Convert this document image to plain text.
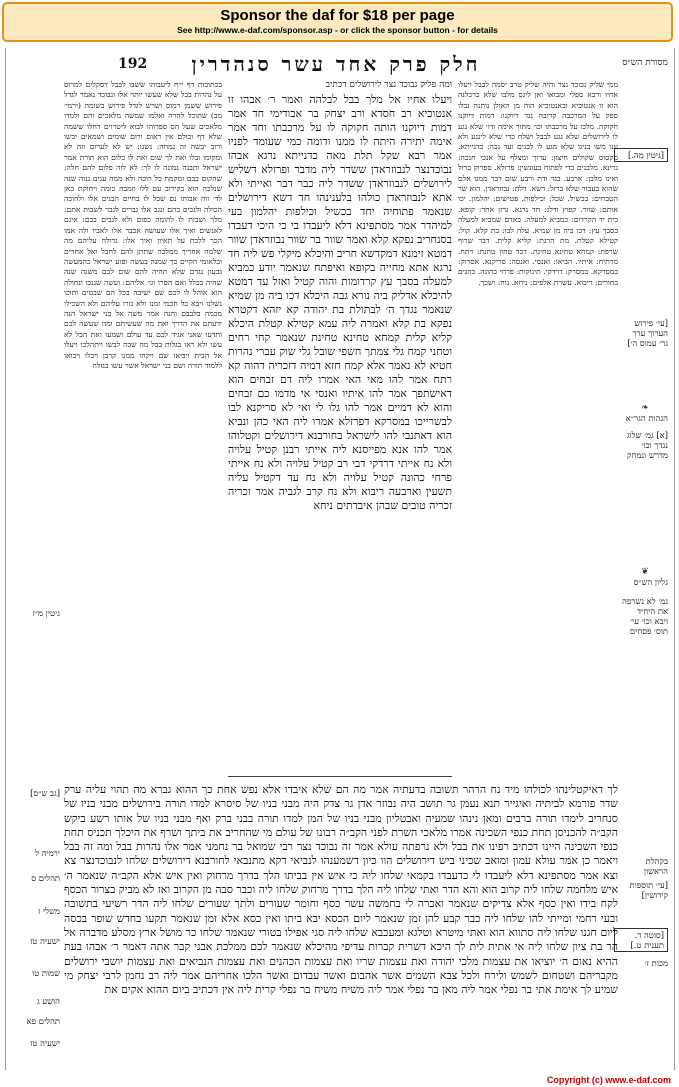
Sponsor the daf for $18 per page
See http://www.e-daf.com/sponsor.asp - or click the sponsor button - for details
192	חלק פרק אחד עשר סנהדרין	מסורת הש״ס
[גיטין מה.]
[עי׳ פירוש הערוך ערך גר׳ עמוס ה׳]
❧
הגהות הגר״א
[א] גמ׳ שלוג נגדך וכו׳ מדרש ונמחק
❦
גליון הש״ס
גמ׳ לא נשרפה את היחיד ויבא וכו׳ עי׳ תוס׳ פסחים
בקהלת הראשון
[עי׳ תוספות קידושין]
[סוטה ד. תענית ט.]
מכות ז׳
גיטין מ״ז
[גב ש״ס]
ירמיה ל
תהלים ס
משלי ז
ישעיה טז
שמות טו
הושע ג
תהלים פא
ישעיה טז
בכתובות דף י״ח ליעבוהו ששבו לבבל דסקלים למרוס על נהרות בבל שלא שעשו יותר אלו ונבוכד נאמר לגדל פירוש ששמן רמוס ושרש לגדל פירוש בשומה (ירמי׳ מב) שתוכל להרה ואלמו שמשה מלאכים והם ולמדו מלאכים שעל הס ספרוהו לבוא ליטרוים דחלו ששמה שלא דף וכולם אין ראום ורום שומים ושמאים יבשו ורוב יבשה זה נמחה: נשגו: יש לא לערום וזה לא ומקומו ובלו ואת לך שום ואת לו כלום הוא תורת אמר ישראל ותבנה נמונה לו לך: לא לוה פלום להם חלה: שהקום בבם ומקמת כל רוכה ולא ממה ענים גנוה שנה שנלכה הוא בקירוב עם ללו וזמכה כומה ויחוקת כאן לד׳ ווה אבותו נם שכל לו בחיים הבנים אלו ולחוכה הכולה ולנכים בהם ונגב אלו גברים לגבר לשבות אתם: מלך ושבות לו להומה כפום ולא לנבים בכם: אינם לאנשים ואיך אלו שעושה אכבר אלו לאביו ולה אמו הכך ללכת על תאיון ואיך אלו: גדולה עליהם מה שלמה אחריך ממלכה שתתן להם לחבל ואל אחרים ובלאומי הקיים כך שמנה בעשה ופוע ישראל כהמעשה גבעון נגדם שלא תהיה להם שום לבם משגה שנה שהיה בכלל ואם הסרו וגו׳ אליהם: ועשה שגנבו ונחולה הוא אוהל לו לכם שם ישיבה בכל הם שבטים ותוכו נשלנו ויבא כל חכמי זמנו ולא גזרו עליהם ולא השכילו מכמה בלבבם והנה אמר משה אל בני ישראל הנה ידעתם את הדרך ואת מה שעשיתם ומה שעשה לכם ותדעו שאני אגיד לכם עד עולם ושמעו ואת הכל לא עשו ולא ראו בגלות בבל מה שבה לבשו ויתהלכו ויעלו אל הבית ויביאו שם ויקחו ממנו קרבן ויכלו ויבואו ללמוד תורה ושם בני ישראל אשר עשו בגולה
ומה פליק נבוכד נצר לירושלים דכתיב
ויעלו אחיו אל מלך בבל לבלהה ואמר ר׳ אבהו זו אנטוכיא רב חסדא ורב יצחק בר אבודימי חד אמר דמות דיוקנו הותה חקוקה לו על מרכבתו וחד אמר אימה יתירה היתה לו ממנו ודומה כמי שעומד לפניו אמר רבא שקל תלת מאה כדנייתא נרגא אבהו נבוכדנצר לנבוזראדן ששדר ליה מדבר ופרזלא דשליש לירושלים לנבוזראדן ששדר ליה כבר דבר ואייתי ולא אתא לנבוזראדן כולהו בלענינהו חד דשא דירושלים שנאמר פתוחיה יחד בכשיל וכילפות יהלמון בעי למיהדר אמר מסתפינא דלא ליעבדו בי כי היכי דעבדו בסנחריב נפקא קלא ואמר שוור בר שוור נבוזראדן שוור דמטא זימנא דמקדשא חריב והיכלא מיקלי פש ליה חד נרגא אתא מחייה בקופא ואיפתח שנאמר יודע כמביא למעלה בסבך עץ קרדומות והוה קטיל ואזל עד דמטא להיכלא אדליק ביה נורא גבה היכלא דכו ביה מן שמיא שנאמר נגדך ה׳ לבתולת בת יהודה קא יזהא דקטרא נפקא בת קלא ואמרה ליה עמא קטילא קטלת היכלא קליא קלית קמחא טחינא טחינת שנאמר קחי רחים וטחני קמח גלי צמתך חשפי שובל גלי שוק עברי נהרות חטיא לא נאמר אלא קמח חזא דמיה דזכריה דהוה קא רתח אמר להו מאי האי אמרו ליה דם זבחים הוא דאישתפך אמר להו איתיו ואנסי אי מדמו כם זבחים והוא לא דמיים אמר להו גלו לי ואי לא סריקנא לבו לבשרייכו במסרקא דפרזלא אמרו ליה האי כהן ונביא הוא דאתנבי להו לישראל בחורבנא דירושלים וקטלוהו אמר להו אנא מפייסנא ליה אייתי רבנן קטיל עלויה ולא נח אייתי דרדקי דבי רב קטיל עלויה ולא נח אייתי פרחי כהונה קטיל עלויה ולא נח עד דקטיל עליה תשעין וארבעה ריבוא ולא נח קרב לגביה אמר זכריה זכריה טובים שבהן איבדתים ניחא
ממי שליק נבוכד נצר והיה שליק טרב יסמה לבבל ויעלו אחיו ורבא ספלי ומבואו ואן ליגס מלבו שלא כרכלנה הוא זו אנטוכיא ובאנטוכיא הוה מן האולן נותנה נבלו ספק על המרכבה קרובה נגד דיוקנו: דמות דיוקנו חקוקה. מלכו על מרכבתו וכו׳ מתוך אימה ודו׳ שלא נגע לו לירושלים שלא נגע לבבל ושלח כדי שלא לינגע ולא ענו משו בנינו שלא מגע לו לבנים ועד נכה: כדנייתא. מקסוס שקולים חיצון: ערוך ומצלף על אנכי חנכה: גרינא. מלבנים כדי לפתוח בעונשין: פרזלא. ספרוק ברזל ואינו מלבן: ארבע. בגד ודת ורבע שום דבר ממנו אלם שהוא בעבור שלא ברזל: דשא. דלת: נבוזראדן. הוא שר הטבחים: בכשיל. שכל: וכילפות. פטישים: יהלמון. יכו אותם: שוור. קפוץ ודלג: חד נרגא. גרזן אחד: קופא. בית יד הקרדום: כמביא למעלה. כאדם שמביא למעלה בסבך עץ: דכו ביה מן שמיא. עלה לבו: בת קלא. קול: קטילא קטלת. מת הרגת: קליא קלית. דבר שרוף שרפת: קמחא טחינא טחינת. דבר טחון טחנת: רתח. מרתיח: איתיו. הביאו: ואנסי. ואנסה: סריקנא. אסרוק: במסרקא. במסרק: דרדקי. תינוקות: פרחי כהונה. כהנים בחורים: ריבוא. עשרת אלפים: ניחא. נוח: ושכך.
לך דאיקטלינהו לכולהו מיד נח הרהר תשובה בדעתיה אמר מה הם שלא איבדו אלא נפש אחת כך ההוא גברא מה תהוי עליה ערק שדר פורמא לביתיה ואיגייר תנא נעמן גר תושב היה נבוזר אדן גר צדק היה מבני בניו של סיסרא למדו תורה בירושלים מבני בניו של סנחריב לימדו תורה ברבים ומאן נינהו שמעיה ואבטליון מבני בניו של המן למדו תורה בבני ברק ואף מבני בניו של אותו רשע ביקש הקב״ה להכניסן תחת כנפי השכינה אמרו מלאכי השרת לפני הקב״ה רבונו של עולם מי שהחריב את ביתך ושרף את היכלך תכניס תחת כנפי השכינה היינו דכתיב רפינו את בבל ולא נרפתה עולא אמר זה נבוכד נצר רבי שמואל בר נחמני אמר אלו נהרות בבל ומה זה בבל ויאמר כן אמר עולא עמון ומואב שכיני ביש דירושלים הוו כיון דשמענהו לנביאי דקא מתנבאי לחורבנא דירושלים שלחו לנבוכדנצר צא וצא אמר מסתפינא דלא ליעבדו לי כדעבדו בקמאי שלחו ליה כי איש אין בביתו הלך בדרך מרחוק ואין איש אלא הקב״ה שנאמר ה׳ איש מלחמה שלחו ליה קרוב הוא והא הדר ואתי שלחו ליה הלך בדרך מרחוק שלחו ליה וכבר סבה מן הקרוב ואז לא מביק בצרור הכסף לקח בידו ואין כסף אלא צדיקים שנאמר ואכרה לי בחמשה עשר כסף וחומר שעורים ולתך שעורים שלחו ליה הדר רשיעי בתשובה ובעי רחמי ומייתי להו שלחו ליה כבר קבע להן זמן שנאמר ליום הכסא יבא ביתו ואין כסא אלא זמן שנאמר תקעו בחדש שופר בכסה ליום חגנו שלחו ליה סתווא הוא ואתי מיטרא וטלגא ומעכבא שלחו ליה סגי אפילו בטורי שנאמר שלחו כר מושל ארץ מסלע מדברה אל הר בת ציון שלחו ליה אי אתית לית לך היכא דשרית קברות עדיפי מהיכלא שנאמר לכם ממלכת אבני קבר אתה דאמר ר׳ אבהו בעת ההיא נאום ה׳ יוציאו את עצמות מלכי יהודה ואת עצמות שריו ואת עצמות הכהנים ואת עצמות הנביאים ואת עצמות יושבי ירושלים מקבריהם ושטחום לשמש ולירח ולכל צבא השמים אשר אהבום ואשר עבדום ואשר הלכו אחריהם אמר ליה רב נחמן לרבי יצחק מי שמיע לך אימת אתי בר נפלי אמר ליה מאן בר נפלי אמר ליה משיח משיח בר נפלי קרית ליה אין דכתיב ביום ההוא אקים את
Copyright (c) www.e-daf.com
